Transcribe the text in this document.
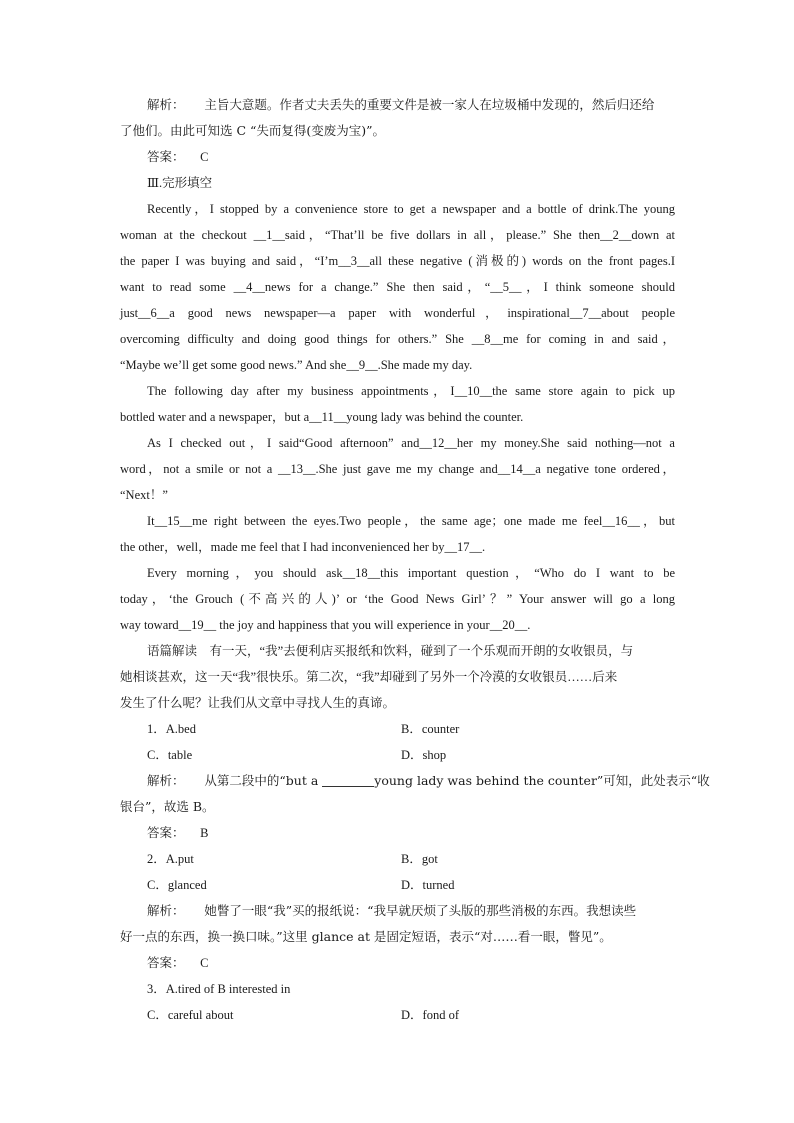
解析： 主旨大意题。作者丈夫丢失的重要文件是被一家人在垃圾桶中发现的，然后归还给
了他们。由此可知选 C “失而复得(变废为宝)”。
答案： C
Ⅲ.完形填空
Recently，I stopped by a convenience store to get a newspaper and a bottle of drink.The young
woman at the checkout __1__said，“That’ll be five dollars in all，please.” She then__2__down at
the paper I was buying and said，“I’m__3__all these negative (消极的) words on the front pages.I
want to read some __4__news for a change.” She then said，“__5__，I think someone should
just__6__a good news newspaper—a paper with wonderful，inspirational__7__about people
overcoming difficulty and doing good things for others.” She __8__me for coming in and said，
“Maybe we’ll get some good news.” And she__9__.She made my day.
The following day after my business appointments，I__10__the same store again to pick up
bottled water and a newspaper，but a__11__young lady was behind the counter.
As I checked out，I said“Good afternoon” and__12__her my money.She said nothing—not a
word，not a smile or not a __13__.She just gave me my change and__14__a negative tone ordered，
“Next！”
It__15__me right between the eyes.Two people，the same age；one made me feel__16__，but
the other，well，made me feel that I had inconvenienced her by__17__.
Every morning，you should ask__18__this important question，“Who do I want to be
today，‘the Grouch (不高兴的人)’ or ‘the Good News Girl’？” Your answer will go a long
way toward__19__ the joy and happiness that you will experience in your__20__.
语篇解读 有一天，“我”去便利店买报纸和饮料，碰到了一个乐观而开朗的女收银员，与
她相谈甚欢，这一天“我”很快乐。第二次，“我”却碰到了另外一个冷漠的女收银员……后来
发生了什么呢？让我们从文章中寻找人生的真谛。
1．A.bed	B．counter
C．table	D．shop
解析： 从第二段中的“but a	young lady was behind the counter”可知，此处表示“收
银台”，故选 B。
答案： B
2．A.put	B．got
C．glanced	D．turned
解析： 她瞥了一眼“我”买的报纸说：“我早就厌烦了头版的那些消极的东西。我想读些
好一点的东西，换一换口味。”这里 glance at 是固定短语，表示“对……看一眼，瞥见”。
答案： C
3．A.tired of B interested in
C．careful about	D．fond of
